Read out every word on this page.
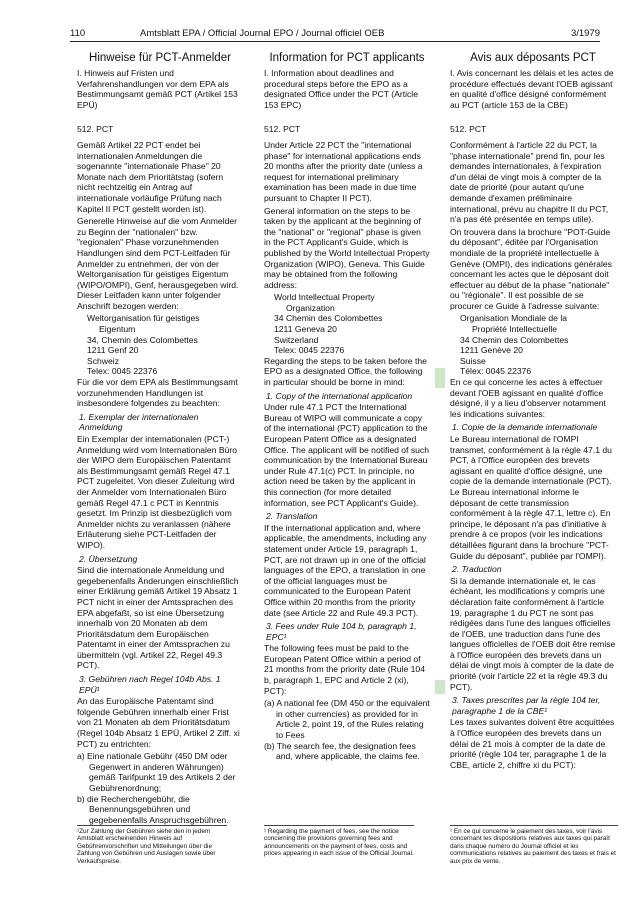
110	Amtsblatt EPA / Official Journal EPO / Journal officiel OEB	3/1979
Hinweise für PCT-Anmelder

I. Hinweis auf Fristen und Verfahrenshandlungen vor dem EPA als Bestimmungsamt gemäß PCT (Artikel 153 EPÜ)

512. PCT

Gemäß Artikel 22 PCT endet bei internationalen Anmeldungen die sogenannte "internationale Phase" 20 Monate nach dem Prioritätstag (sofern nicht rechtzeitig ein Antrag auf internationale vorläufige Prüfung nach Kapitel II PCT gestellt worden ist).

Generelle Hinweise auf die vom Anmelder zu Beginn der "nationalen" bzw. "regionalen" Phase vorzunehmenden Handlungen sind dem PCT-Leitfaden für Anmelder zu entnehmen, der von der Weltorganisation für geistiges Eigentum (WIPO/OMPI), Genf, herausgegeben wird. Dieser Leitfaden kann unter folgender Anschrift bezogen werden:

Weltorganisation für geistiges
Eigentum
34, Chemin des Colombettes
1211 Genf 20
Schweiz
Telex: 0045 22376

Für die vor dem EPA als Bestimmungsamt vorzunehmenden Handlungen ist insbesondere folgendes zu beachten:

1. Exemplar der internationalen Anmeldung

Ein Exemplar der internationalen (PCT-) Anmeldung wird vom Internationalen Büro der WIPO dem Europäischen Patentamt als Bestimmungsamt gemäß Regel 47.1 PCT zugeleitet. Von dieser Zuleitung wird der Anmelder vom Internationalen Büro gemäß Regel 47.1 c PCT in Kenntnis gesetzt. Im Prinzip ist diesbezüglich vom Anmelder nichts zu veranlassen (nähere Erläuterung siehe PCT-Leitfaden der WIPO).

2. Übersetzung

Sind die internationale Anmeldung und gegebenenfalls Änderungen einschließlich einer Erklärung gemäß Artikel 19 Absatz 1 PCT nicht in einer der Amtssprachen des EPA abgefaßt, so ist eine Übersetzung innerhalb von 20 Monaten ab dem Prioritätsdatum dem Europäischen Patentamt in einer der Amtssprachen zu übermitteln (vgl. Artikel 22, Regel 49.3 PCT).

3. Gebühren nach Regel 104b Abs. 1 EPÜ¹

An das Europäische Patentamt sind folgende Gebühren innerhalb einer Frist von 21 Monaten ab dem Prioritätsdatum (Regel 104b Absatz 1 EPÜ, Artikel 2 Ziff. xi PCT) zu entrichten:

a) Eine nationale Gebühr (450 DM oder Gegenwert in anderen Währungen) gemäß Tarifpunkt 19 des Artikels 2 der Gebührenordnung;
b) die Recherchengebühr, die Benennungsgebühren und gegebenenfalls Anspruchsgebühren.
Information for PCT applicants

I. Information about deadlines and procedural steps before the EPO as a designated Office under the PCT (Article 153 EPC)

512. PCT

Under Article 22 PCT the "international phase" for international applications ends 20 months after the priority date (unless a request for international preliminary examination has been made in due time pursuant to Chapter II PCT).

General information on the steps to be taken by the applicant at the beginning of the "national" or "regional" phase is given in the PCT Applicant's Guide, which is published by the World Intellectual Property Organization (WIPO), Geneva. This Guide may be obtained from the following address:

World Intellectual Property
Organization
34 Chemin des Colombettes
1211 Geneva 20
Switzerland
Telex: 0045 22376

Regarding the steps to be taken before the EPO as a designated Office, the following in particular should be borne in mind:

1. Copy of the international application

Under rule 47.1 PCT the International Bureau of WIPO will communicate a copy of the international (PCT) application to the European Patent Office as a designated Office. The applicant will be notified of such communication by the International Bureau under Rule 47.1(c) PCT. In principle, no action need be taken by the applicant in this connection (for more detailed information, see PCT Applicant's Guide).

2. Translation

If the international application and, where applicable, the amendments, including any statement under Article 19, paragraph 1, PCT, are not drawn up in one of the official languages of the EPO, a translation in one of the official languages must be communicated to the European Patent Office within 20 months from the priority date (see Article 22 and Rule 49.3 PCT).

3. Fees under Rule 104 b, paragraph 1, EPC¹

The following fees must be paid to the European Patent Office within a period of 21 months from the priority date (Rule 104 b, paragraph 1, EPC and Article 2 (xi), PCT):

(a) A national fee (DM 450 or the equivalent in other currencies) as provided for in Article 2, point 19, of the Rules relating to Fees
(b) The search fee, the designation fees and, where applicable, the claims fee.
Avis aux déposants PCT

I. Avis concernant les délais et les actes de procédure effectués devant l'OEB agissant en qualité d'office désigné conformément au PCT (article 153 de la CBE)

512. PCT

Conformément à l'article 22 du PCT, la "phase internationale" prend fin, pour les demandes internationales, à l'expiration d'un délai de vingt mois à compter de la date de priorité (pour autant qu'une demande d'examen préliminaire international, prévu au chapitre II du PCT, n'a pas été présentée en temps utile).

On trouvera dans la brochure "POT-Guide du déposant", éditée par l'Organisation mondiale de la propriété intellectuelle à Genève (OMPI), des indications générales concernant les actes que le déposant doit effectuer au début de la phase "nationale" ou "régionale". Il est possible de se procurer ce Guide à l'adresse suivante:

Organisation Mondiale de la
Propriété Intellectuelle
34 Chemin des Colombettes
1211 Genève 20
Suisse
Télex: 0045 22376

En ce qui concerne les actes à effectuer devant l'OEB agissant en qualité d'office désigné, il y a lieu d'observer notamment les indications suivantes:

1. Copie de la demande internationale

Le Bureau international de l'OMPI transmet, conformément à la règle 47.1 du PCT, à l'Office européen des brevets agissant en qualité d'office désigné, une copie de la demande internationale (PCT). Le Bureau international informe le déposant de cette transmission conformément à la règle 47.1, lettre c). En principe, le déposant n'a pas d'initiative à prendre à ce propos (voir les indications détaillées figurant dans la brochure "PCT-Guide du déposant", publiée par l'OMPI).

2. Traduction

Si la demande internationale et, le cas échéant, les modifications y compris une déclaration faite conformément à l'article 19, paragraphe 1 du PCT ne sont pas rédigées dans l'une des langues officielles de l'OEB, une traduction dans l'une des langues officielles de l'OEB doit être remise à l'Office européen des brevets dans un délai de vingt mois à compter de la date de priorité (voir l'article 22 et la règle 49.3 du PCT).

3. Taxes prescrites par la règle 104 ter, paragraphe 1 de la CBE¹

Les taxes suivantes doivent être acquittées à l'Office européen des brevets dans un délai de 21 mois à compter de la date de priorité (règle 104 ter, paragraphe 1 de la CBE, article 2, chiffre xi du PCT):

¹Zur Zahlung der Gebühren siehe den in jedem Amtsblatt erscheinenden Hinweis auf Gebührenvorschriften und Mitteilungen über die Zahlung von Gebühren und Auslagen sowie über Verkaufspreise.
¹ Regarding the payment of fees, see the notice concerning the provisions governing fees and announcements on the payment of fees, costs and prices appearing in each issue of the Official Journal.
¹ En ce qui concerne le paiement des taxes, voir l'avis concernant les dispositions relatives aux taxes qui paraît dans chaque numéro du Journal officiel et les communications relatives au paiement des taxes et frais et aux prix de vente.
